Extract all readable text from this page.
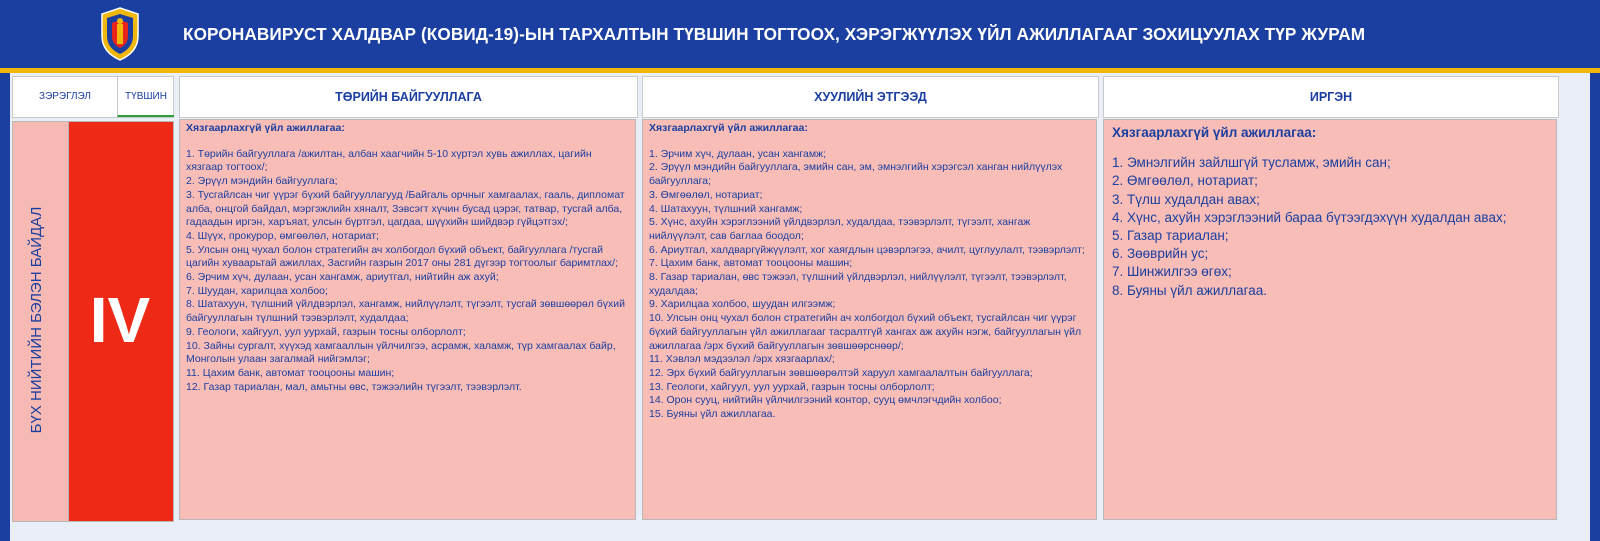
КОРОНАВИРУСТ ХАЛДВАР (КОВИД-19)-ЫН ТАРХАЛТЫН ТҮВШИН ТОГТООХ, ХЭРЭГЖҮҮЛЭХ ҮЙЛ АЖИЛЛАГААГ ЗОХИЦУУЛАХ ТҮР ЖУРАМ
ЗЭРЭГЛЭЛ	ТҮВШИН
БҮХ НИЙТИЙН БЭЛЭН БАЙДАЛ IV
ТӨРИЙН БАЙГУУЛЛАГА

Хязгаарлахгүй үйл ажиллагаа:

1. Төрийн байгууллага /ажилтан, албан хаагчийн 5-10 хүртэл хувь ажиллах, цагийн хязгаар тогтоох/;

2. Эрүүл мэндийн байгууллага;

3. Тусгайлсан чиг үүрэг бүхий байгууллагууд /Байгаль орчныг хамгаалах, гааль, дипломат алба, онцгой байдал, мэргэжлийн хяналт, Зэвсэгт хүчин бусад цэрэг, татвар, тусгай алба, гадаадын иргэн, харъяат, улсын бүртгэл, цагдаа, шүүхийн шийдвэр гүйцэтгэх/;

4. Шүүх, прокурор, өмгөөлөл, нотариат;

5. Улсын онц чухал болон стратегийн ач холбогдол бүхий объект, байгууллага /тусгай цагийн хуваарьтай ажиллах, Засгийн газрын 2017 оны 281 дүгээр тогтоолыг баримтлах/;

6. Эрчим хүч, дулаан, усан хангамж, ариутгал, нийтийн аж ахуй;

7. Шуудан, харилцаа холбоо;

8. Шатахуун, түлшний үйлдвэрлэл, хангамж, нийлүүлэлт, түгээлт, тусгай зөвшөөрөл бүхий байгууллагын түлшний тээвэрлэлт, худалдаа;

9. Геологи, хайгуул, уул уурхай, газрын тосны олборлолт;

10. Зайны сургалт, хүүхэд хамгааллын үйлчилгээ, асрамж, халамж, түр хамгаалах байр, Монголын улаан загалмай нийгэмлэг;

11. Цахим банк, автомат тооцооны машин;

12. Газар тариалан, мал, амьтны өвс, тэжээлийн түгээлт, тээвэрлэлт.

ХУУЛИЙН ЭТГЭЭД

Хязгаарлахгүй үйл ажиллагаа:

1. Эрчим хүч, дулаан, усан хангамж;

2. Эрүүл мэндийн байгууллага, эмийн сан, эм, эмнэлгийн хэрэгсэл ханган нийлүүлэх байгууллага;

3. Өмгөөлөл, нотариат;

4. Шатахуун, түлшний хангамж;

5. Хүнс, ахуйн хэрэглээний үйлдвэрлэл, худалдаа, тээвэрлэлт, түгээлт, хангаж нийлүүлэлт, сав баглаа боодол;

6. Ариутгал, халдваргүйжүүлэлт, хог хаягдлын цэвэрлэгээ, ачилт, цуглуулалт, тээвэрлэлт;

7. Цахим банк, автомат тооцооны машин;

8. Газар тариалан, өвс тэжээл, түлшний үйлдвэрлэл, нийлүүлэлт, түгээлт, тээвэрлэлт, худалдаа;

9. Харилцаа холбоо, шуудан илгээмж;

10. Улсын онц чухал болон стратегийн ач холбогдол бүхий объект, тусгайлсан чиг үүрэг бүхий байгууллагын үйл ажиллагааг тасралтгүй хангах аж ахуйн нэгж, байгууллагын үйл ажиллагаа /эрх бүхий байгууллагын зөвшөөрснөөр/;

11. Хэвлэл мэдээлэл /эрх хязгаарлах/;

12. Эрх бүхий байгууллагын зөвшөөрөлтэй харуул хамгаалалтын байгууллага;

13. Геологи, хайгуул, уул уурхай, газрын тосны олборлолт;

14. Орон сууц, нийтийн үйлчилгээний контор, сууц өмчлэгчдийн холбоо;

15. Буяны үйл ажиллагаа.

ИРГЭН

Хязгаарлахгүй үйл ажиллагаа:

1. Эмнэлгийн зайлшгүй тусламж, эмийн сан;

2. Өмгөөлөл, нотариат;

3. Түлш худалдан авах;

4. Хүнс, ахуйн хэрэглээний бараа бүтээгдэхүүн худалдан авах;

5. Газар тариалан;

6. Зөөврийн ус;

7. Шинжилгээ өгөх;

8. Буяны үйл ажиллагаа.
